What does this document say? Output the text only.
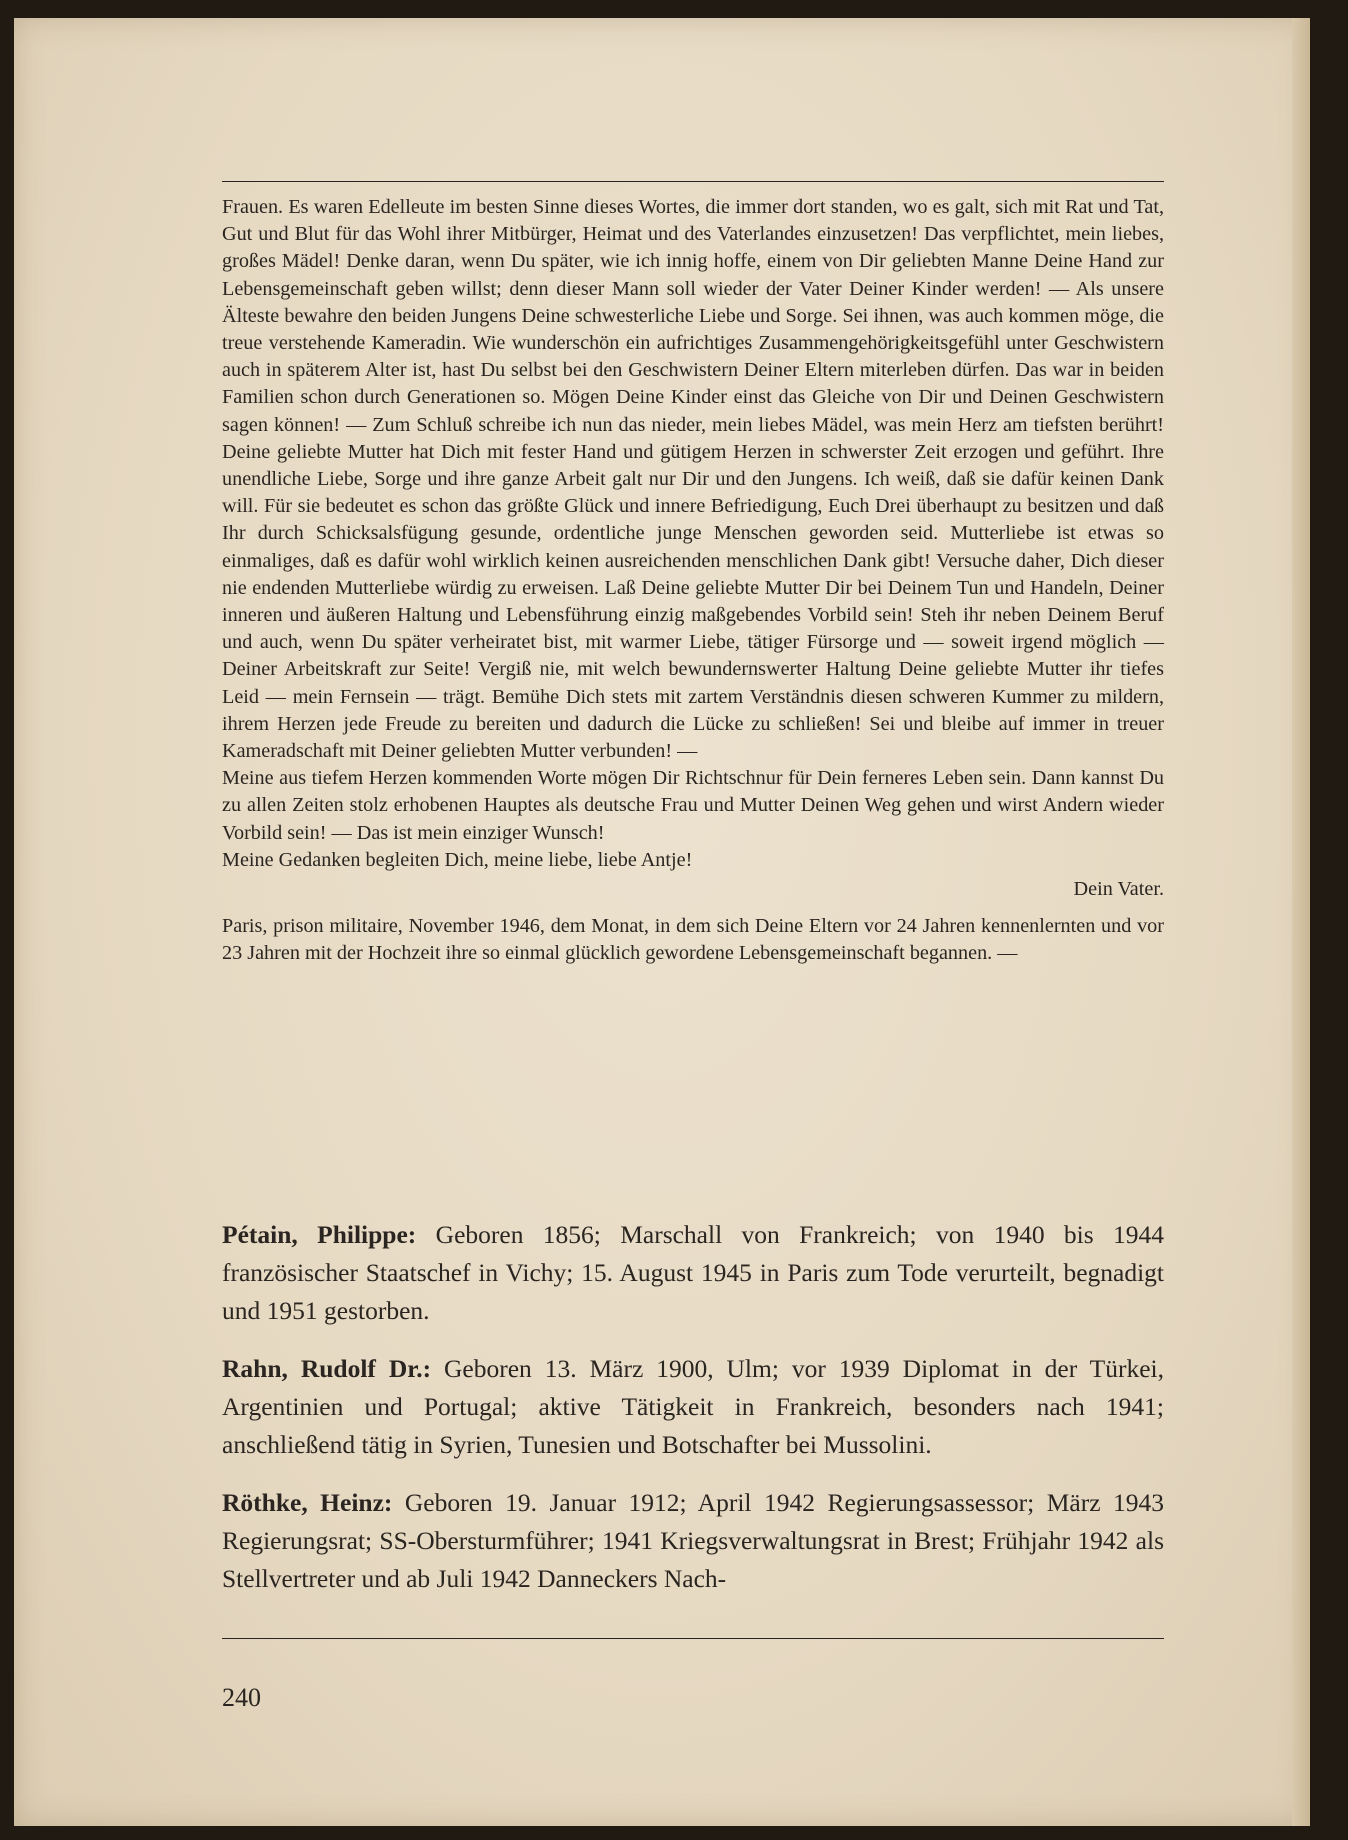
Frauen. Es waren Edelleute im besten Sinne dieses Wortes, die immer dort standen, wo es galt, sich mit Rat und Tat, Gut und Blut für das Wohl ihrer Mitbürger, Heimat und des Vaterlandes einzusetzen! Das verpflichtet, mein liebes, großes Mädel! Denke daran, wenn Du später, wie ich innig hoffe, einem von Dir geliebten Manne Deine Hand zur Lebensgemeinschaft geben willst; denn dieser Mann soll wieder der Vater Deiner Kinder werden! — Als unsere Älteste bewahre den beiden Jungens Deine schwesterliche Liebe und Sorge. Sei ihnen, was auch kommen möge, die treue verstehende Kameradin. Wie wunderschön ein aufrichtiges Zusammengehörigkeitsgefühl unter Geschwistern auch in späterem Alter ist, hast Du selbst bei den Geschwistern Deiner Eltern miterleben dürfen. Das war in beiden Familien schon durch Generationen so. Mögen Deine Kinder einst das Gleiche von Dir und Deinen Geschwistern sagen können! — Zum Schluß schreibe ich nun das nieder, mein liebes Mädel, was mein Herz am tiefsten berührt! Deine geliebte Mutter hat Dich mit fester Hand und gütigem Herzen in schwerster Zeit erzogen und geführt. Ihre unendliche Liebe, Sorge und ihre ganze Arbeit galt nur Dir und den Jungens. Ich weiß, daß sie dafür keinen Dank will. Für sie bedeutet es schon das größte Glück und innere Befriedigung, Euch Drei überhaupt zu besitzen und daß Ihr durch Schicksalsfügung gesunde, ordentliche junge Menschen geworden seid. Mutterliebe ist etwas so einmaliges, daß es dafür wohl wirklich keinen ausreichenden menschlichen Dank gibt! Versuche daher, Dich dieser nie endenden Mutterliebe würdig zu erweisen. Laß Deine geliebte Mutter Dir bei Deinem Tun und Handeln, Deiner inneren und äußeren Haltung und Lebensführung einzig maßgebendes Vorbild sein! Steh ihr neben Deinem Beruf und auch, wenn Du später verheiratet bist, mit warmer Liebe, tätiger Fürsorge und — soweit irgend möglich — Deiner Arbeitskraft zur Seite! Vergiß nie, mit welch bewundernswerter Haltung Deine geliebte Mutter ihr tiefes Leid — mein Fernsein — trägt. Bemühe Dich stets mit zartem Verständnis diesen schweren Kummer zu mildern, ihrem Herzen jede Freude zu bereiten und dadurch die Lücke zu schließen! Sei und bleibe auf immer in treuer Kameradschaft mit Deiner geliebten Mutter verbunden! —

Meine aus tiefem Herzen kommenden Worte mögen Dir Richtschnur für Dein ferneres Leben sein. Dann kannst Du zu allen Zeiten stolz erhobenen Hauptes als deutsche Frau und Mutter Deinen Weg gehen und wirst Andern wieder Vorbild sein! — Das ist mein einziger Wunsch!

Meine Gedanken begleiten Dich, meine liebe, liebe Antje!

Dein Vater.

Paris, prison militaire, November 1946, dem Monat, in dem sich Deine Eltern vor 24 Jahren kennenlernten und vor 23 Jahren mit der Hochzeit ihre so einmal glücklich gewordene Lebensgemeinschaft begannen. —

Pétain, Philippe: Geboren 1856; Marschall von Frankreich; von 1940 bis 1944 französischer Staatschef in Vichy; 15. August 1945 in Paris zum Tode verurteilt, begnadigt und 1951 gestorben.

Rahn, Rudolf Dr.: Geboren 13. März 1900, Ulm; vor 1939 Diplomat in der Türkei, Argentinien und Portugal; aktive Tätigkeit in Frankreich, besonders nach 1941; anschließend tätig in Syrien, Tunesien und Botschafter bei Mussolini.

Röthke, Heinz: Geboren 19. Januar 1912; April 1942 Regierungsassessor; März 1943 Regierungsrat; SS-Obersturmführer; 1941 Kriegsverwaltungsrat in Brest; Frühjahr 1942 als Stellvertreter und ab Juli 1942 Danneckers Nach-

240
